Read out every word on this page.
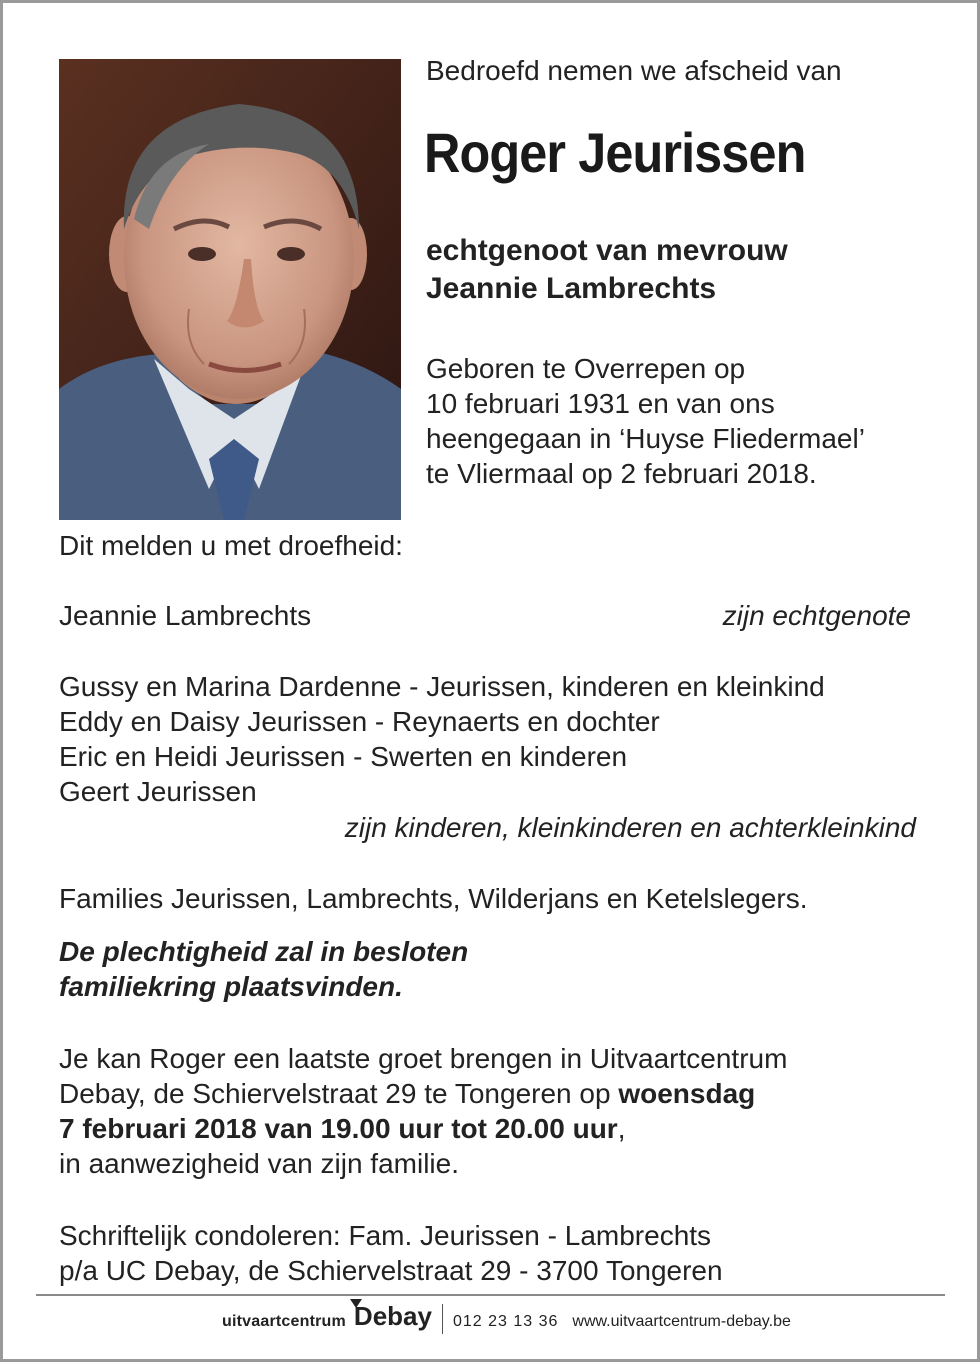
Bedroefd nemen we afscheid van
Roger Jeurissen
echtgenoot van mevrouw
Jeannie Lambrechts
Geboren te Overrepen op
10 februari 1931 en van ons
heengegaan in ‘Huyse Fliedermael’
te Vliermaal op 2 februari 2018.
Dit melden u met droefheid:
Jeannie Lambrechts	zijn echtgenote
Gussy en Marina Dardenne - Jeurissen, kinderen en kleinkind
Eddy en Daisy Jeurissen - Reynaerts en dochter
Eric en Heidi Jeurissen - Swerten en kinderen
Geert Jeurissen
zijn kinderen, kleinkinderen en achterkleinkind
Families Jeurissen, Lambrechts, Wilderjans en Ketelslegers.
De plechtigheid zal in besloten
familiekring plaatsvinden.
Je kan Roger een laatste groet brengen in Uitvaartcentrum
Debay, de Schiervelstraat 29 te Tongeren op woensdag
7 februari 2018 van 19.00 uur tot 20.00 uur,
in aanwezigheid van zijn familie.
Schriftelijk condoleren: Fam. Jeurissen - Lambrechts
p/a UC Debay, de Schiervelstraat 29 - 3700 Tongeren
uitvaartcentrum Debay 012 23 13 36 www.uitvaartcentrum-debay.be
